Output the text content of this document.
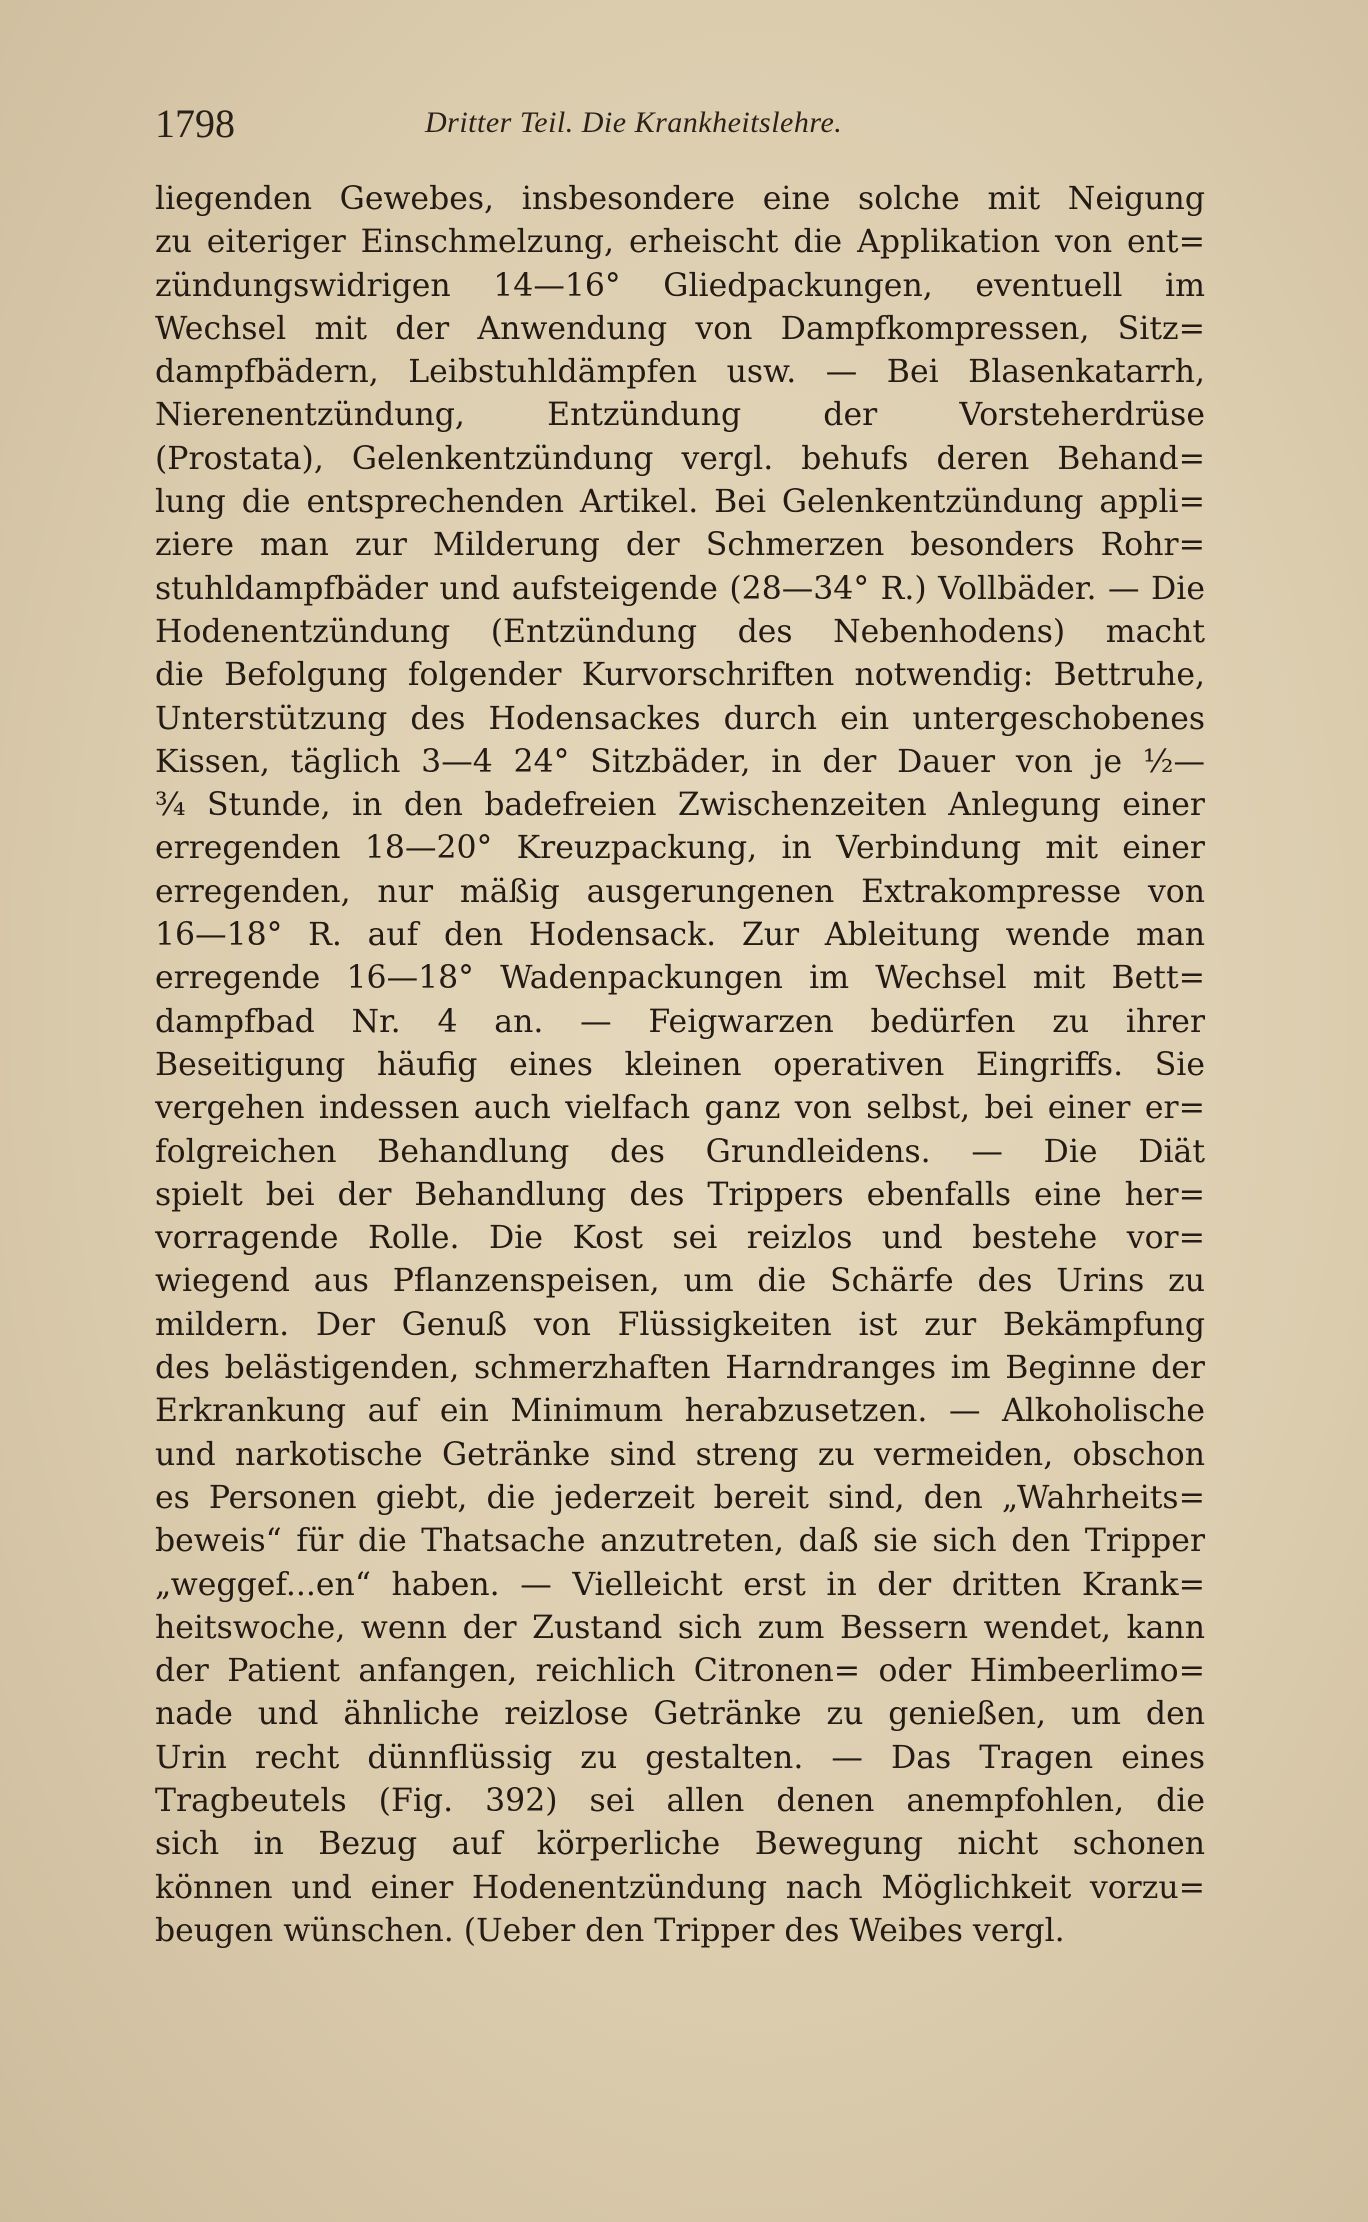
1798	Dritter Teil. Die Krankheitslehre.
liegenden Gewebes, insbesondere eine solche mit Neigung
zu eiteriger Einschmelzung, erheischt die Applikation von ent=
zündungswidrigen 14—16° Gliedpackungen, eventuell im
Wechsel mit der Anwendung von Dampfkompressen, Sitz=
dampfbädern, Leibstuhldämpfen usw. — Bei Blasenkatarrh,
Nierenentzündung, Entzündung der Vorsteherdrüse
(Prostata), Gelenkentzündung vergl. behufs deren Behand=
lung die entsprechenden Artikel. Bei Gelenkentzündung appli=
ziere man zur Milderung der Schmerzen besonders Rohr=
stuhldampfbäder und aufsteigende (28—34° R.) Vollbäder. — Die
Hodenentzündung (Entzündung des Nebenhodens) macht
die Befolgung folgender Kurvorschriften notwendig: Bettruhe,
Unterstützung des Hodensackes durch ein untergeschobenes
Kissen, täglich 3—4 24° Sitzbäder, in der Dauer von je ½—
¾ Stunde, in den badefreien Zwischenzeiten Anlegung einer
erregenden 18—20° Kreuzpackung, in Verbindung mit einer
erregenden, nur mäßig ausgerungenen Extrakompresse von
16—18° R. auf den Hodensack. Zur Ableitung wende man
erregende 16—18° Wadenpackungen im Wechsel mit Bett=
dampfbad Nr. 4 an. — Feigwarzen bedürfen zu ihrer
Beseitigung häufig eines kleinen operativen Eingriffs. Sie
vergehen indessen auch vielfach ganz von selbst, bei einer er=
folgreichen Behandlung des Grundleidens. — Die Diät
spielt bei der Behandlung des Trippers ebenfalls eine her=
vorragende Rolle. Die Kost sei reizlos und bestehe vor=
wiegend aus Pflanzenspeisen, um die Schärfe des Urins zu
mildern. Der Genuß von Flüssigkeiten ist zur Bekämpfung
des belästigenden, schmerzhaften Harndranges im Beginne der
Erkrankung auf ein Minimum herabzusetzen. — Alkoholische
und narkotische Getränke sind streng zu vermeiden, obschon
es Personen giebt, die jederzeit bereit sind, den „Wahrheits=
beweis“ für die Thatsache anzutreten, daß sie sich den Tripper
„weggef...en“ haben. — Vielleicht erst in der dritten Krank=
heitswoche, wenn der Zustand sich zum Bessern wendet, kann
der Patient anfangen, reichlich Citronen= oder Himbeerlimo=
nade und ähnliche reizlose Getränke zu genießen, um den
Urin recht dünnflüssig zu gestalten. — Das Tragen eines
Tragbeutels (Fig. 392) sei allen denen anempfohlen, die
sich in Bezug auf körperliche Bewegung nicht schonen
können und einer Hodenentzündung nach Möglichkeit vorzu=
beugen wünschen. (Ueber den Tripper des Weibes vergl.
